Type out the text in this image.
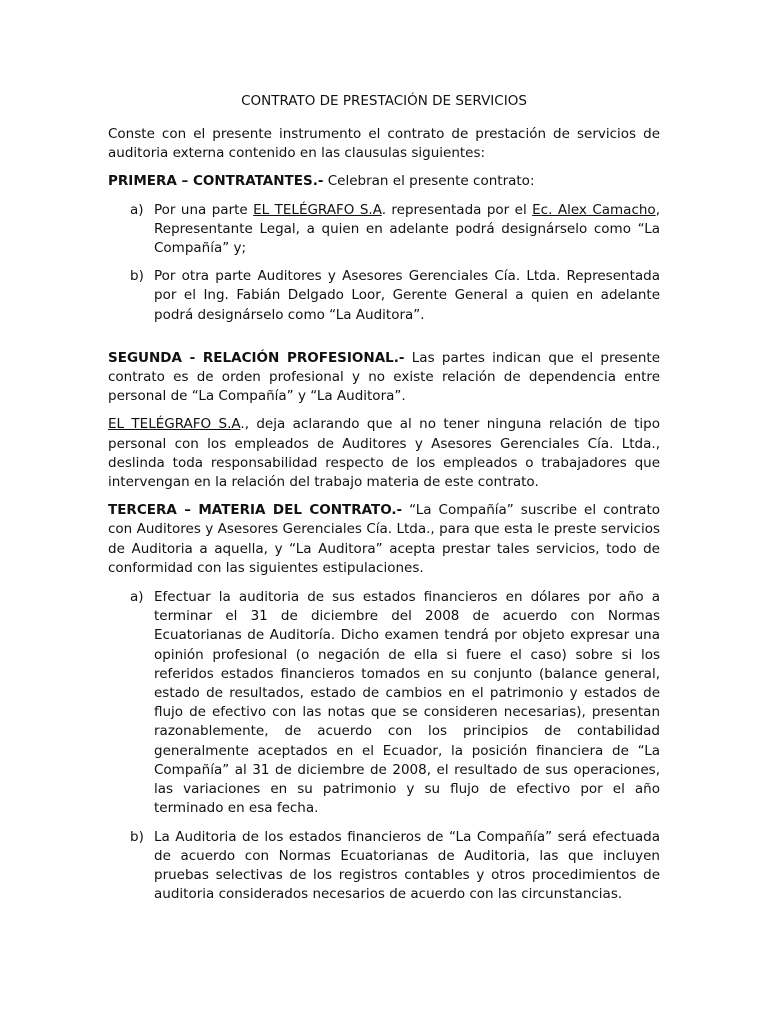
CONTRATO DE PRESTACIÓN DE SERVICIOS

Conste con el presente instrumento el contrato de prestación de servicios de auditoria externa contenido en las clausulas siguientes:

PRIMERA – CONTRATANTES.- Celebran el presente contrato:

a) Por una parte EL TELÉGRAFO S.A. representada por el Ec. Alex Camacho, Representante Legal, a quien en adelante podrá designárselo como “La Compañía” y;

b) Por otra parte Auditores y Asesores Gerenciales Cía. Ltda. Representada por el Ing. Fabián Delgado Loor, Gerente General a quien en adelante podrá designárselo como “La Auditora”.

SEGUNDA - RELACIÓN PROFESIONAL.- Las partes indican que el presente contrato es de orden profesional y no existe relación de dependencia entre personal de “La Compañía” y “La Auditora”.

EL TELÉGRAFO S.A., deja aclarando que al no tener ninguna relación de tipo personal con los empleados de Auditores y Asesores Gerenciales Cía. Ltda., deslinda toda responsabilidad respecto de los empleados o trabajadores que intervengan en la relación del trabajo materia de este contrato.

TERCERA – MATERIA DEL CONTRATO.- “La Compañía” suscribe el contrato con Auditores y Asesores Gerenciales Cía. Ltda., para que esta le preste servicios de Auditoria a aquella, y “La Auditora” acepta prestar tales servicios, todo de conformidad con las siguientes estipulaciones.

a) Efectuar la auditoria de sus estados financieros en dólares por año a terminar el 31 de diciembre del 2008 de acuerdo con Normas Ecuatorianas de Auditoría. Dicho examen tendrá por objeto expresar una opinión profesional (o negación de ella si fuere el caso) sobre si los referidos estados financieros tomados en su conjunto (balance general, estado de resultados, estado de cambios en el patrimonio y estados de flujo de efectivo con las notas que se consideren necesarias), presentan razonablemente, de acuerdo con los principios de contabilidad generalmente aceptados en el Ecuador, la posición financiera de “La Compañía” al 31 de diciembre de 2008, el resultado de sus operaciones, las variaciones en su patrimonio y su flujo de efectivo por el año terminado en esa fecha.

b) La Auditoria de los estados financieros de “La Compañía” será efectuada de acuerdo con Normas Ecuatorianas de Auditoria, las que incluyen pruebas selectivas de los registros contables y otros procedimientos de auditoria considerados necesarios de acuerdo con las circunstancias.
